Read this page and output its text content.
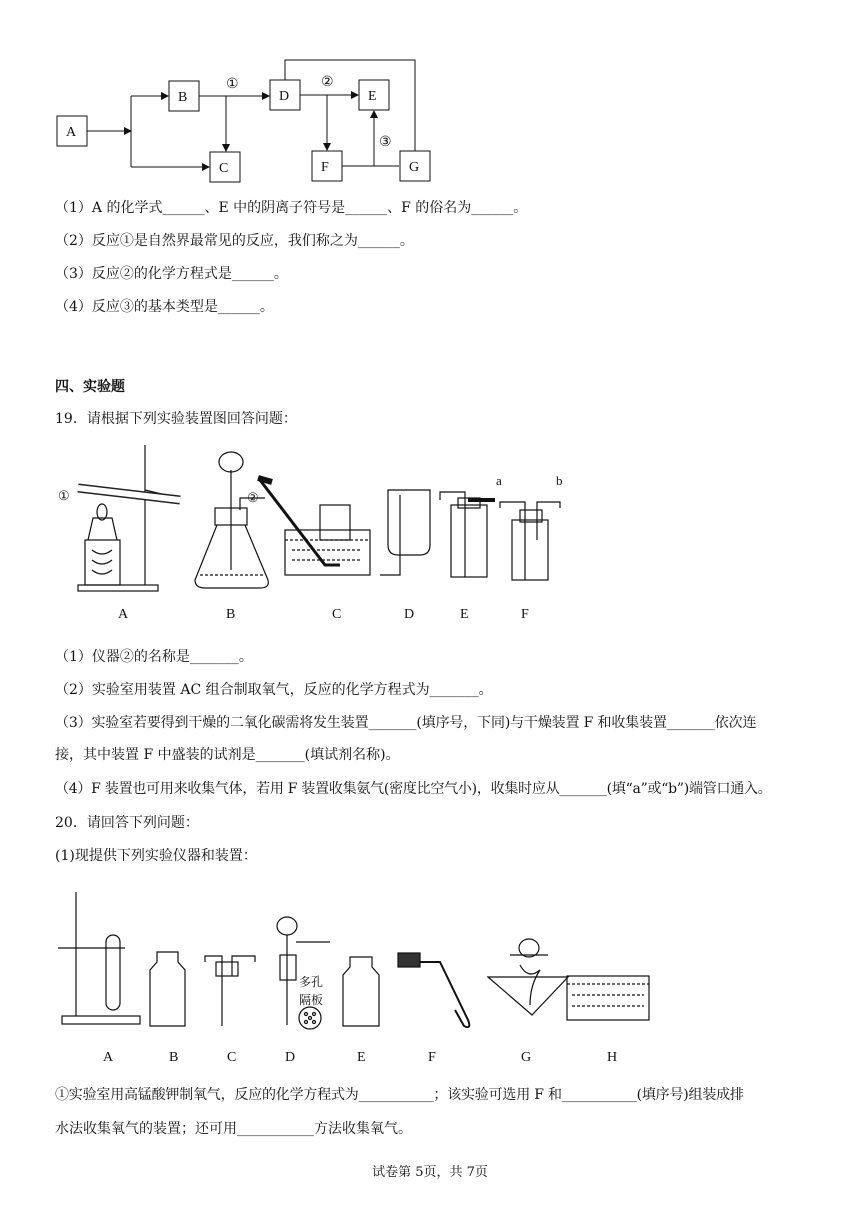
A
B
C
D	E
F	G
①	②
③
（1）A 的化学式______、E 中的阴离子符号是______、F 的俗名为______。
（2）反应①是自然界最常见的反应，我们称之为______。
（3）反应②的化学方程式是______。
（4）反应③的基本类型是______。
四、实验题
19．请根据下列实验装置图回答问题：
①	②
a	b
A	B	C	D	E	F
（1）仪器②的名称是_______。
（2）实验室用装置 AC 组合制取氧气，反应的化学方程式为_______。
（3）实验室若要得到干燥的二氧化碳需将发生装置_______(填序号，下同)与干燥装置 F 和收集装置_______依次连
接，其中装置 F 中盛装的试剂是_______(填试剂名称)。
（4）F 装置也可用来收集气体，若用 F 装置收集氨气(密度比空气小)，收集时应从_______(填“a”或“b”)端管口通入。
20．请回答下列问题：
(1)现提供下列实验仪器和装置：
多孔
隔板
A	B	C	D	E	F	G	H
①实验室用高锰酸钾制氧气，反应的化学方程式为___________；该实验可选用 F 和___________(填序号)组装成排
水法收集氧气的装置；还可用___________方法收集氧气。
试卷第 5页，共 7页
